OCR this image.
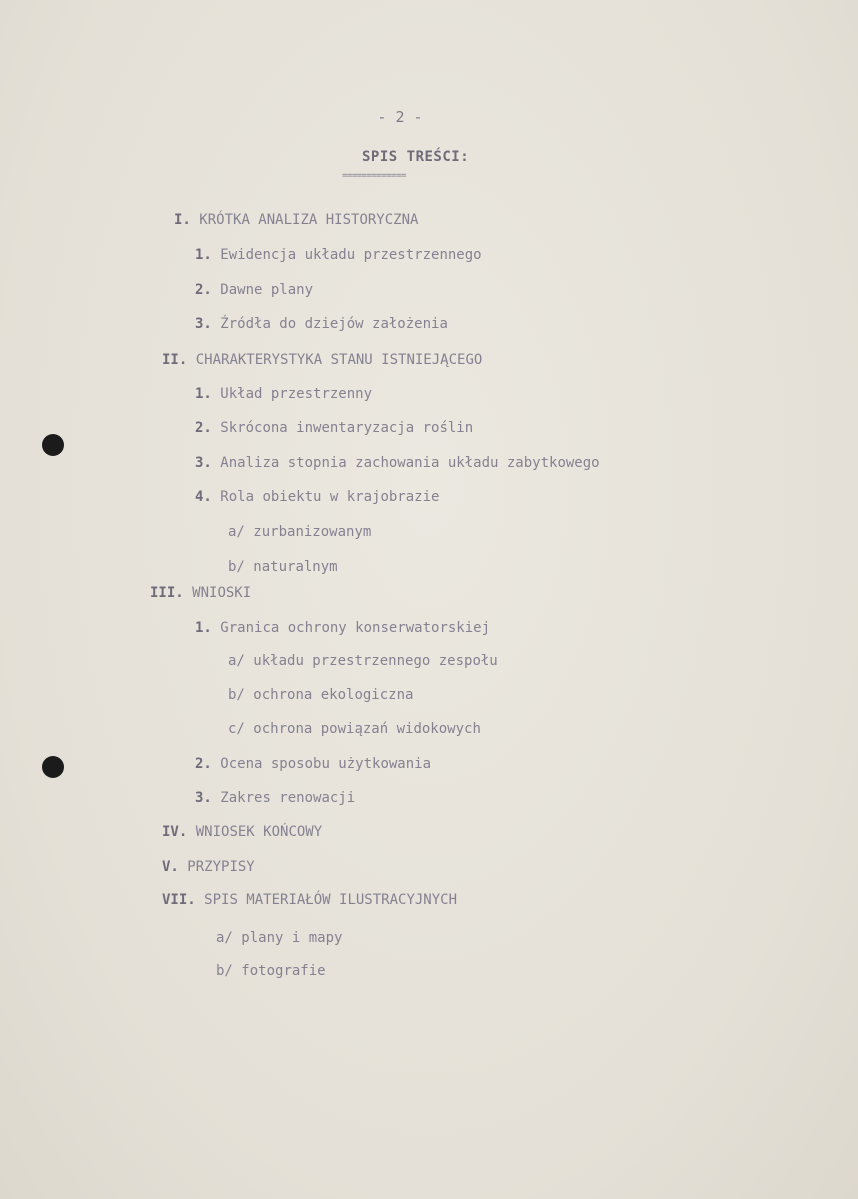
- 2 -
SPIS TREŚCI:
=============
I. KRÓTKA ANALIZA HISTORYCZNA
1. Ewidencja układu przestrzennego
2. Dawne plany
3. Źródła do dziejów założenia
II. CHARAKTERYSTYKA STANU ISTNIEJĄCEGO
1. Układ przestrzenny
2. Skrócona inwentaryzacja roślin
3. Analiza stopnia zachowania układu zabytkowego
4. Rola obiektu w krajobrazie
a/ zurbanizowanym
b/ naturalnym
III. WNIOSKI
1. Granica ochrony konserwatorskiej
a/ układu przestrzennego zespołu
b/ ochrona ekologiczna
c/ ochrona powiązań widokowych
2. Ocena sposobu użytkowania
3. Zakres renowacji
IV. WNIOSEK KOŃCOWY
V. PRZYPISY
VII. SPIS MATERIAŁÓW ILUSTRACYJNYCH
a/ plany i mapy
b/ fotografie
